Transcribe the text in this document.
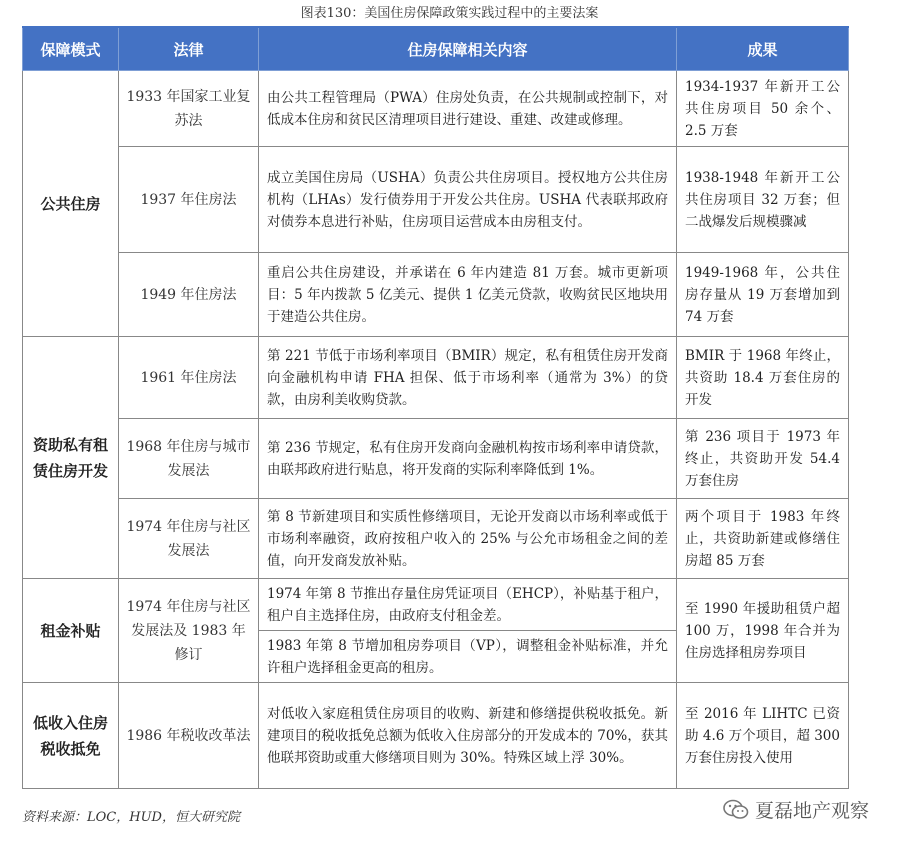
图表130：美国住房保障政策实践过程中的主要法案
保障模式	法律	住房保障相关内容	成果
公共住房	1933 年国家工业复苏法	由公共工程管理局（PWA）住房处负责，在公共规制或控制下，对低成本住房和贫民区清理项目进行建设、重建、改建或修理。	1934-1937 年新开工公共住房项目 50 余个、2.5 万套
	1937 年住房法	成立美国住房局（USHA）负责公共住房项目。授权地方公共住房机构（LHAs）发行债券用于开发公共住房。USHA 代表联邦政府对债券本息进行补贴，住房项目运营成本由房租支付。	1938-1948 年新开工公共住房项目 32 万套；但二战爆发后规模骤减
	1949 年住房法	重启公共住房建设，并承诺在 6 年内建造 81 万套。城市更新项目：5 年内拨款 5 亿美元、提供 1 亿美元贷款，收购贫民区地块用于建造公共住房。	1949-1968 年，公共住房存量从 19 万套增加到 74 万套
资助私有租赁住房开发	1961 年住房法	第 221 节低于市场利率项目（BMIR）规定，私有租赁住房开发商向金融机构申请 FHA 担保、低于市场利率（通常为 3%）的贷款，由房利美收购贷款。	BMIR 于 1968 年终止，共资助 18.4 万套住房的开发
	1968 年住房与城市发展法	第 236 节规定，私有住房开发商向金融机构按市场利率申请贷款，由联邦政府进行贴息，将开发商的实际利率降低到 1%。	第 236 项目于 1973 年终止，共资助开发 54.4 万套住房
	1974 年住房与社区发展法	第 8 节新建项目和实质性修缮项目，无论开发商以市场利率或低于市场利率融资，政府按租户收入的 25% 与公允市场租金之间的差值，向开发商发放补贴。	两个项目于 1983 年终止，共资助新建或修缮住房超 85 万套
租金补贴	1974 年住房与社区发展法及 1983 年修订	1974 年第 8 节推出存量住房凭证项目（EHCP），补贴基于租户，租户自主选择住房，由政府支付租金差。	至 1990 年援助租赁户超 100 万，1998 年合并为住房选择租房券项目
		1983 年第 8 节增加租房券项目（VP），调整租金补贴标准，并允许租户选择租金更高的租房。	
低收入住房税收抵免	1986 年税收改革法	对低收入家庭租赁住房项目的收购、新建和修缮提供税收抵免。新建项目的税收抵免总额为低收入住房部分的开发成本的 70%，获其他联邦资助或重大修缮项目则为 30%。特殊区域上浮 30%。	至 2016 年 LIHTC 已资助 4.6 万个项目，超 300 万套住房投入使用
资料来源：LOC，HUD，恒大研究院	夏磊地产观察
